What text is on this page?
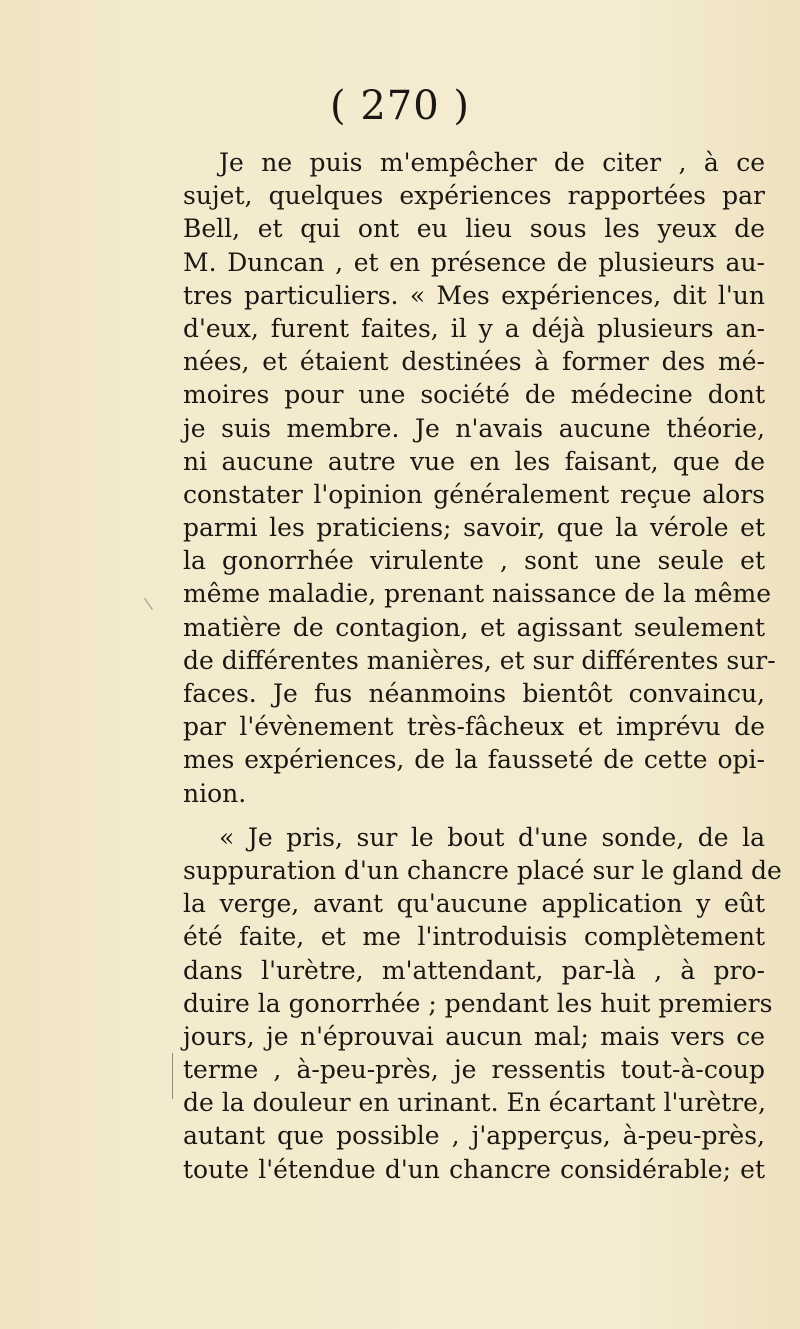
( 270 )
Je ne puis m'empêcher de citer , à ce
sujet, quelques expériences rapportées par
Bell, et qui ont eu lieu sous les yeux de
M. Duncan , et en présence de plusieurs au-
tres particuliers. « Mes expériences, dit l'un
d'eux, furent faites, il y a déjà plusieurs an-
nées, et étaient destinées à former des mé-
moires pour une société de médecine dont
je suis membre. Je n'avais aucune théorie,
ni aucune autre vue en les faisant, que de
constater l'opinion généralement reçue alors
parmi les praticiens; savoir, que la vérole et
la gonorrhée virulente , sont une seule et
même maladie, prenant naissance de la même
matière de contagion, et agissant seulement
de différentes manières, et sur différentes sur-
faces. Je fus néanmoins bientôt convaincu,
par l'évènement très-fâcheux et imprévu de
mes expériences, de la fausseté de cette opi-
nion.
« Je pris, sur le bout d'une sonde, de la
suppuration d'un chancre placé sur le gland de
la verge, avant qu'aucune application y eût
été faite, et me l'introduisis complètement
dans l'urètre, m'attendant, par-là , à pro-
duire la gonorrhée ; pendant les huit premiers
jours, je n'éprouvai aucun mal; mais vers ce
terme , à-peu-près, je ressentis tout-à-coup
de la douleur en urinant. En écartant l'urètre,
autant que possible , j'apperçus, à-peu-près,
toute l'étendue d'un chancre considérable; et
